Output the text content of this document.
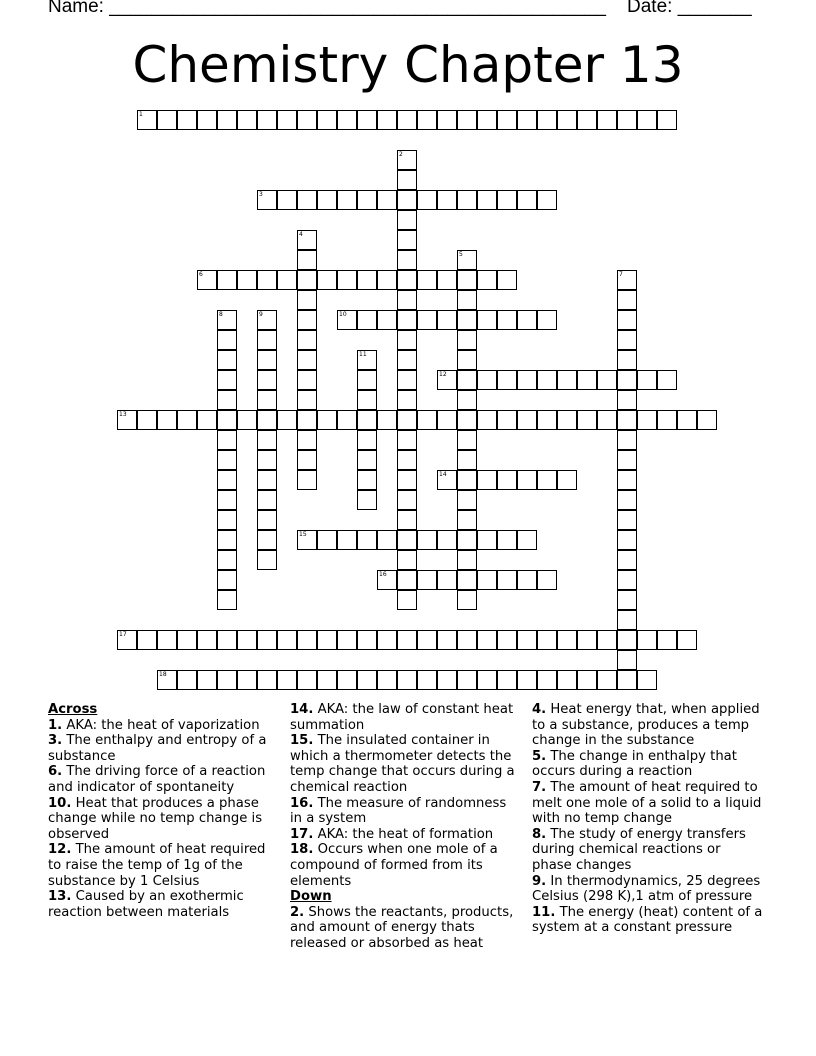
Name: _______________________________________________ Date: _______
Chemistry Chapter 13
1
2
3
4
5
6	7
8	9	10
11
12
13
14
15
16
17
18

Across

1. AKA: the heat of vaporization

3. The enthalpy and entropy of a substance

6. The driving force of a reaction and indicator of spontaneity

10. Heat that produces a phase change while no temp change is observed

12. The amount of heat required to raise the temp of 1g of the substance by 1 Celsius

13. Caused by an exothermic reaction between materials

14. AKA: the law of constant heat summation

15. The insulated container in which a thermometer detects the temp change that occurs during a chemical reaction

16. The measure of randomness in a system

17. AKA: the heat of formation

18. Occurs when one mole of a compound of formed from its elements

Down

2. Shows the reactants, products, and amount of energy thats released or absorbed as heat

4. Heat energy that, when applied to a substance, produces a temp change in the substance

5. The change in enthalpy that occurs during a reaction

7. The amount of heat required to melt one mole of a solid to a liquid with no temp change

8. The study of energy transfers during chemical reactions or phase changes

9. In thermodynamics, 25 degrees Celsius (298 K),1 atm of pressure

11. The energy (heat) content of a system at a constant pressure
